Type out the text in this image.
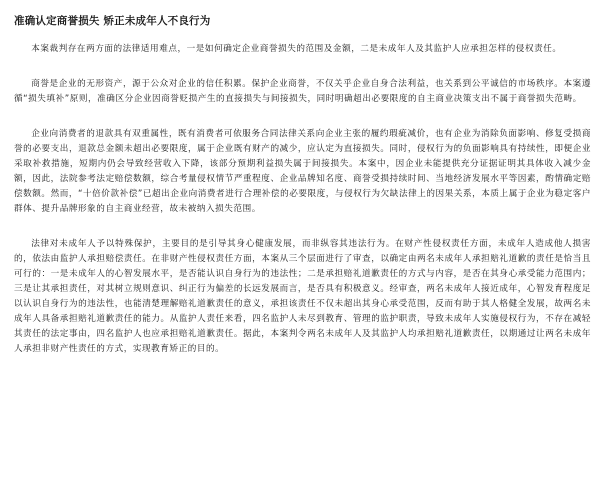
准确认定商誉损失 矫正未成年人不良行为

本案裁判存在两方面的法律适用难点，一是如何确定企业商誉损失的范围及金额，二是未成年人及其监护人应承担怎样的侵权责任。

商誉是企业的无形资产，源于公众对企业的信任积累。保护企业商誉，不仅关乎企业自身合法利益，也关系到公平诚信的市场秩序。本案遵循“损失填补”原则，准确区分企业因商誉贬损产生的直接损失与间接损失，同时明确超出必要限度的自主商业决策支出不属于商誉损失范畴。

企业向消费者的退款具有双重属性，既有消费者可依服务合同法律关系向企业主张的履约瑕疵减价，也有企业为消除负面影响、修复受损商誉的必要支出，退款总金额未超出必要限度，属于企业既有财产的减少，应认定为直接损失。同时，侵权行为的负面影响具有持续性，即便企业采取补救措施，短期内仍会导致经营收入下降，该部分预期利益损失属于间接损失。本案中，因企业未能提供充分证据证明其具体收入减少金额，因此，法院参考法定赔偿数额，综合考量侵权情节严重程度、企业品牌知名度、商誉受损持续时间、当地经济发展水平等因素，酌情确定赔偿数额。然而，“十倍价款补偿”已超出企业向消费者进行合理补偿的必要限度，与侵权行为欠缺法律上的因果关系，本质上属于企业为稳定客户群体、提升品牌形象的自主商业经营，故未被纳入损失范围。

法律对未成年人予以特殊保护，主要目的是引导其身心健康发展，而非纵容其违法行为。在财产性侵权责任方面，未成年人造成他人损害的，依法由监护人承担赔偿责任。在非财产性侵权责任方面，本案从三个层面进行了审查，以确定由两名未成年人承担赔礼道歉的责任是恰当且可行的：一是未成年人的心智发展水平，是否能认识自身行为的违法性；二是承担赔礼道歉责任的方式与内容，是否在其身心承受能力范围内；三是让其承担责任，对其树立规则意识、纠正行为偏差的长远发展而言，是否具有积极意义。经审查，两名未成年人接近成年，心智发育程度足以认识自身行为的违法性，也能清楚理解赔礼道歉责任的意义，承担该责任不仅未超出其身心承受范围，反而有助于其人格健全发展，故两名未成年人具备承担赔礼道歉责任的能力。从监护人责任来看，四名监护人未尽到教育、管理的监护职责，导致未成年人实施侵权行为，不存在减轻其责任的法定事由，四名监护人也应承担赔礼道歉责任。据此，本案判令两名未成年人及其监护人均承担赔礼道歉责任，以期通过让两名未成年人承担非财产性责任的方式，实现教育矫正的目的。
